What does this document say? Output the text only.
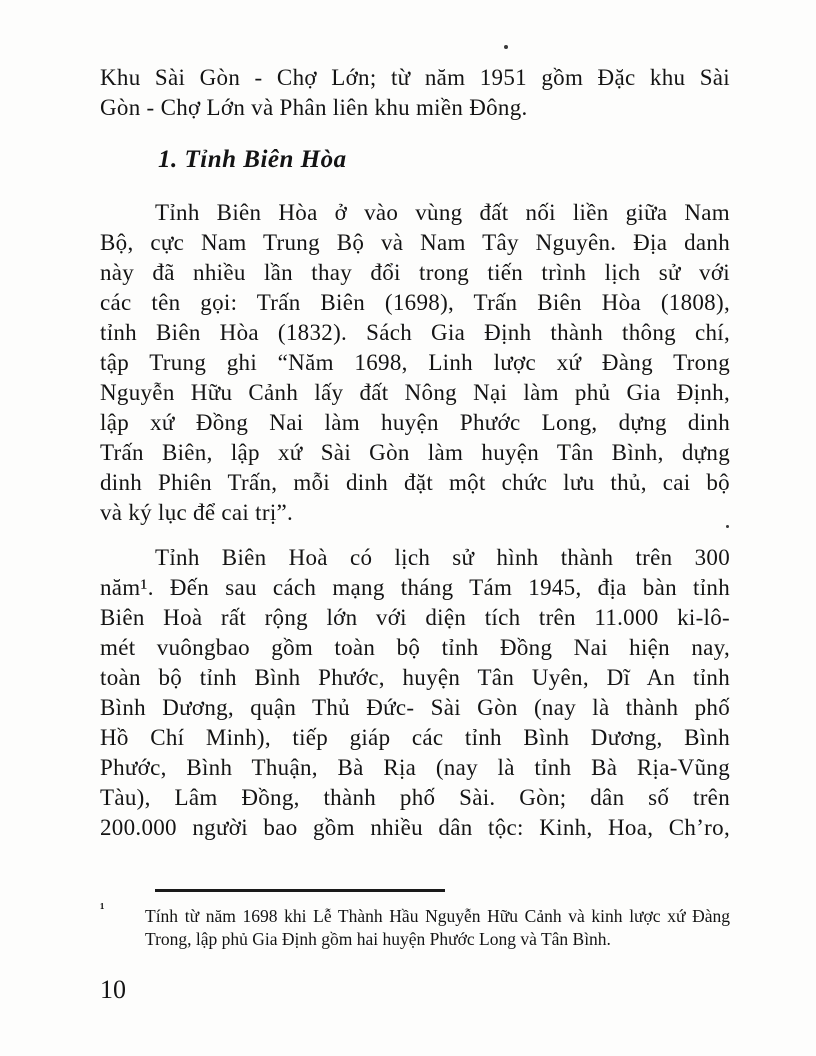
Khu Sài Gòn - Chợ Lớn; từ năm 1951 gồm Đặc khu Sài
Gòn - Chợ Lớn và Phân liên khu miền Đông.
1. Tỉnh Biên Hòa
Tỉnh Biên Hòa ở vào vùng đất nối liền giữa Nam
Bộ, cực Nam Trung Bộ và Nam Tây Nguyên. Địa danh
này đã nhiều lần thay đổi trong tiến trình lịch sử với
các tên gọi: Trấn Biên (1698), Trấn Biên Hòa (1808),
tỉnh Biên Hòa (1832). Sách Gia Định thành thông chí,
tập Trung ghi “Năm 1698, Linh lược xứ Đàng Trong
Nguyễn Hữu Cảnh lấy đất Nông Nại làm phủ Gia Định,
lập xứ Đồng Nai làm huyện Phước Long, dựng dinh
Trấn Biên, lập xứ Sài Gòn làm huyện Tân Bình, dựng
dinh Phiên Trấn, mỗi dinh đặt một chức lưu thủ, cai bộ
và ký lục để cai trị”.
Tỉnh Biên Hoà có lịch sử hình thành trên 300
năm¹. Đến sau cách mạng tháng Tám 1945, địa bàn tỉnh
Biên Hoà rất rộng lớn với diện tích trên 11.000 ki-lô-
mét vuôngbao gồm toàn bộ tỉnh Đồng Nai hiện nay,
toàn bộ tỉnh Bình Phước, huyện Tân Uyên, Dĩ An tỉnh
Bình Dương, quận Thủ Đức- Sài Gòn (nay là thành phố
Hồ Chí Minh), tiếp giáp các tỉnh Bình Dương, Bình
Phước, Bình Thuận, Bà Rịa (nay là tỉnh Bà Rịa-Vũng
Tàu), Lâm Đồng, thành phố Sài. Gòn; dân số trên
200.000 người bao gồm nhiều dân tộc: Kinh, Hoa, Ch’ro,
¹ Tính từ năm 1698 khi Lễ Thành Hầu Nguyễn Hữu Cảnh và kinh lược xứ Đàng
Trong, lập phủ Gia Định gồm hai huyện Phước Long và Tân Bình.
10
